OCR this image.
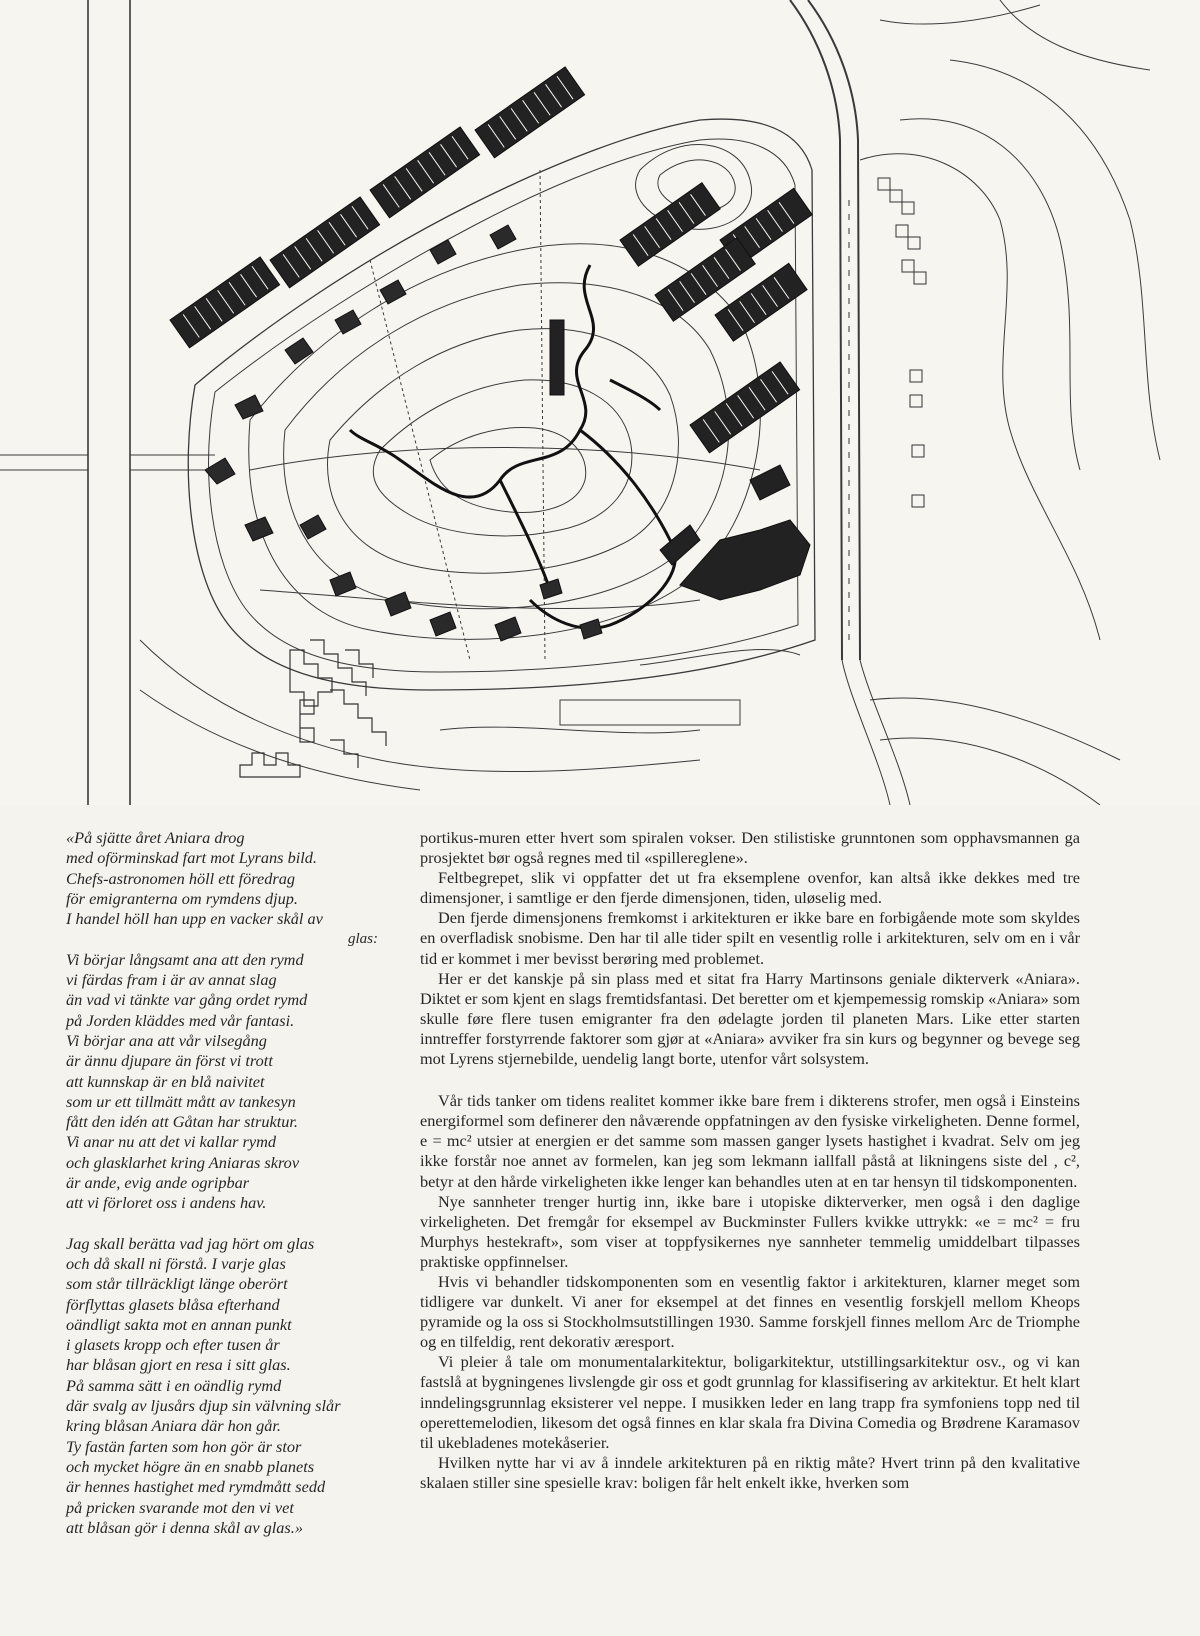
«På sjätte året Aniara drog
med oförminskad fart mot Lyrans bild.
Chefs-astronomen höll ett föredrag
för emigranterna om rymdens djup.
I handel höll han upp en vacker skål av
glas:
Vi börjar långsamt ana att den rymd
vi färdas fram i är av annat slag
än vad vi tänkte var gång ordet rymd
på Jorden kläddes med vår fantasi.
Vi börjar ana att vår vilsegång
är ännu djupare än först vi trott
att kunnskap är en blå naivitet
som ur ett tillmätt mått av tankesyn
fått den idén att Gåtan har struktur.
Vi anar nu att det vi kallar rymd
och glasklarhet kring Aniaras skrov
är ande, evig ande ogripbar
att vi förloret oss i andens hav.
Jag skall berätta vad jag hört om glas
och då skall ni förstå. I varje glas
som står tillräckligt länge oberört
förflyttas glasets blåsa efterhand
oändligt sakta mot en annan punkt
i glasets kropp och efter tusen år
har blåsan gjort en resa i sitt glas.
På samma sätt i en oändlig rymd
där svalg av ljusårs djup sin välvning slår
kring blåsan Aniara där hon går.
Ty fastän farten som hon gör är stor
och mycket högre än en snabb planets
är hennes hastighet med rymdmått sedd
på pricken svarande mot den vi vet
att blåsan gör i denna skål av glas.»

portikus-muren etter hvert som spiralen vokser. Den stilistiske grunntonen som opphavsmannen ga prosjektet bør også regnes med til «spillereglene».

Feltbegrepet, slik vi oppfatter det ut fra eksemplene ovenfor, kan altså ikke dekkes med tre dimensjoner, i samtlige er den fjerde dimensjonen, tiden, uløselig med.

Den fjerde dimensjonens fremkomst i arkitekturen er ikke bare en forbigående mote som skyldes en overfladisk snobisme. Den har til alle tider spilt en vesentlig rolle i arkitekturen, selv om en i vår tid er kommet i mer bevisst berøring med problemet.

Her er det kanskje på sin plass med et sitat fra Harry Martinsons geniale dikterverk «Aniara». Diktet er som kjent en slags fremtidsfantasi. Det beretter om et kjempemessig romskip «Aniara» som skulle føre flere tusen emigranter fra den ødelagte jorden til planeten Mars. Like etter starten inntreffer forstyrrende faktorer som gjør at «Aniara» avviker fra sin kurs og begynner og bevege seg mot Lyrens stjernebilde, uendelig langt borte, utenfor vårt solsystem.

Vår tids tanker om tidens realitet kommer ikke bare frem i dikterens strofer, men også i Einsteins energiformel som definerer den nåværende oppfatningen av den fysiske virkeligheten. Denne formel, e = mc² utsier at energien er det samme som massen ganger lysets hastighet i kvadrat. Selv om jeg ikke forstår noe annet av formelen, kan jeg som lekmann iallfall påstå at likningens siste del , c², betyr at den hårde virkeligheten ikke lenger kan behandles uten at en tar hensyn til tidskomponenten.

Nye sannheter trenger hurtig inn, ikke bare i utopiske dikterverker, men også i den daglige virkeligheten. Det fremgår for eksempel av Buckminster Fullers kvikke uttrykk: «e = mc² = fru Murphys hestekraft», som viser at toppfysikernes nye sannheter temmelig umiddelbart tilpasses praktiske oppfinnelser.

Hvis vi behandler tidskomponenten som en vesentlig faktor i arkitekturen, klarner meget som tidligere var dunkelt. Vi aner for eksempel at det finnes en vesentlig forskjell mellom Kheops pyramide og la oss si Stockholmsutstillingen 1930. Samme forskjell finnes mellom Arc de Triomphe og en tilfeldig, rent dekorativ æresport.

Vi pleier å tale om monumentalarkitektur, boligarkitektur, utstillingsarkitektur osv., og vi kan fastslå at bygningenes livslengde gir oss et godt grunnlag for klassifisering av arkitektur. Et helt klart inndelingsgrunnlag eksisterer vel neppe. I musikken leder en lang trapp fra symfoniens topp ned til operettemelodien, likesom det også finnes en klar skala fra Divina Comedia og Brødrene Karamasov til ukebladenes motekåserier.

Hvilken nytte har vi av å inndele arkitekturen på en riktig måte? Hvert trinn på den kvalitative skalaen stiller sine spesielle krav: boligen får helt enkelt ikke, hverken som
